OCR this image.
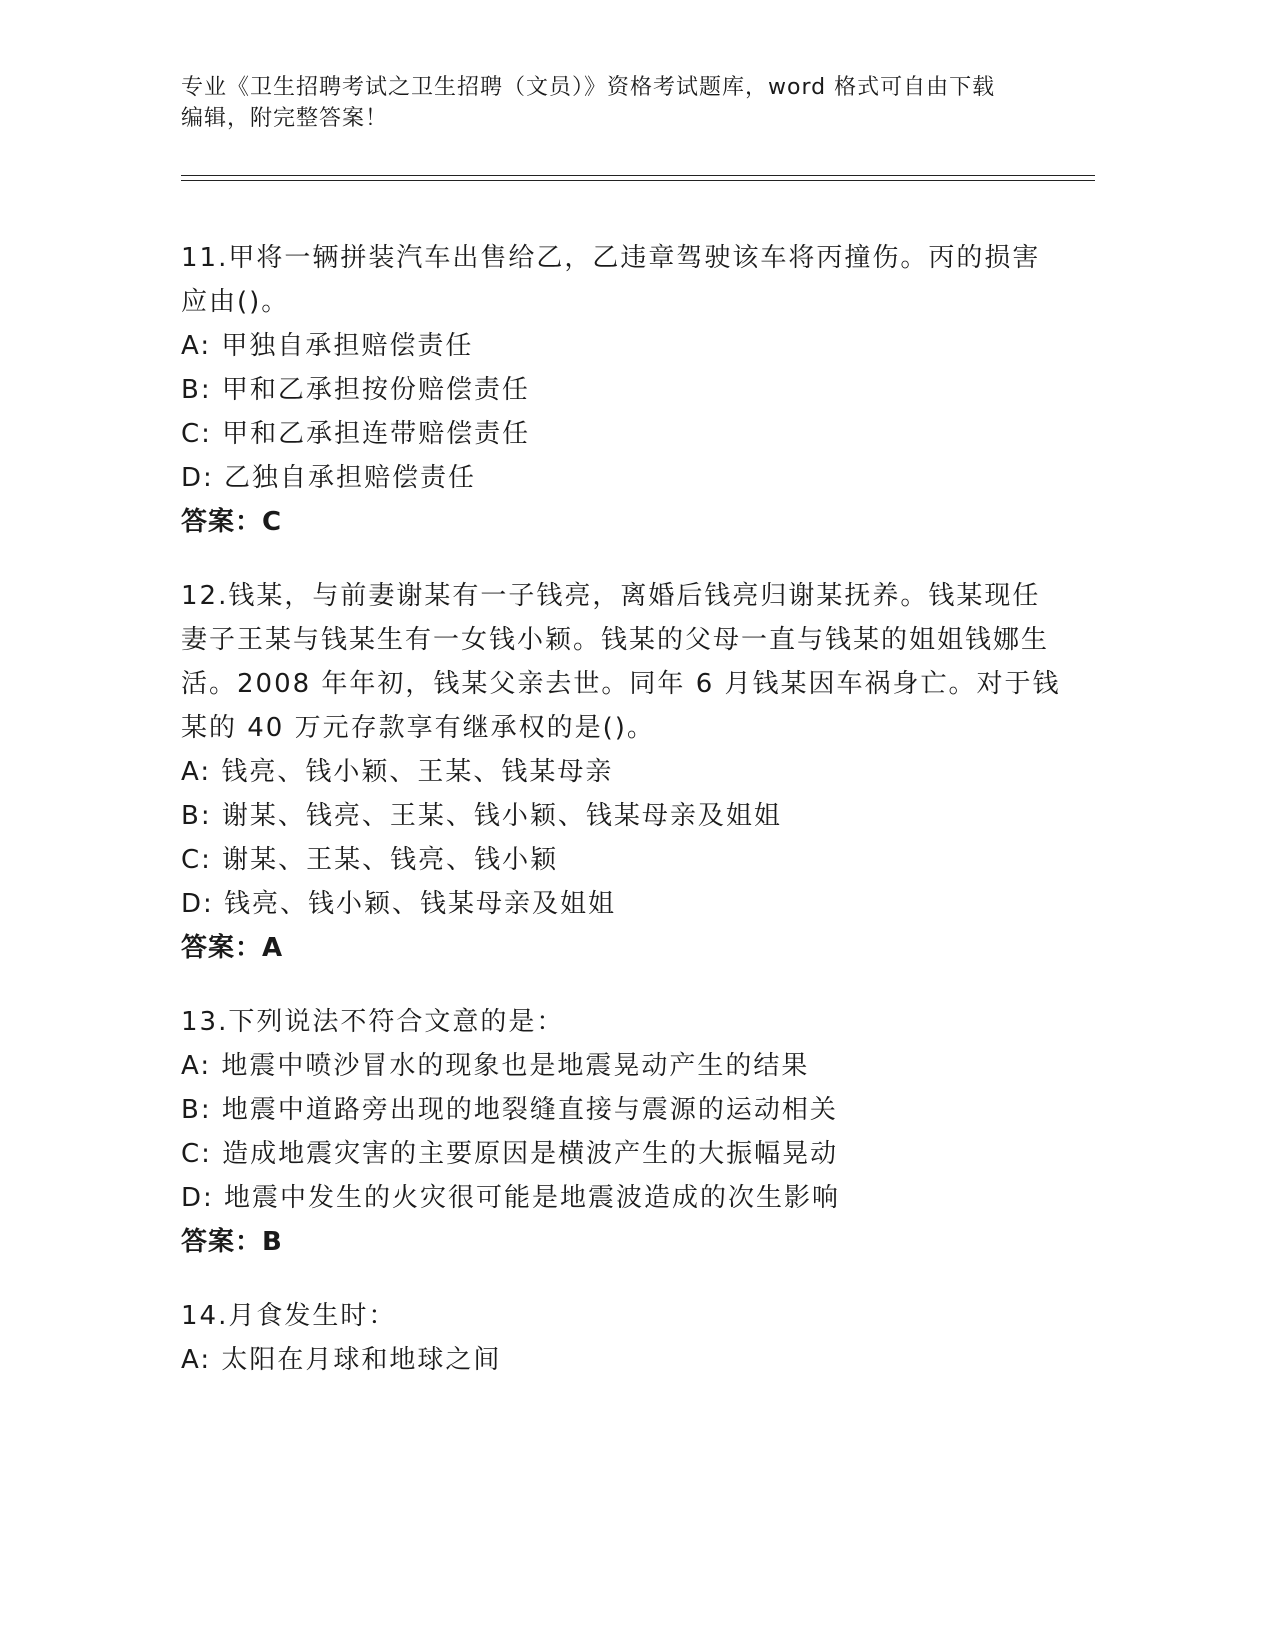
专业《卫生招聘考试之卫生招聘（文员）》资格考试题库，word 格式可自由下载
编辑，附完整答案！
11.甲将一辆拼装汽车出售给乙，乙违章驾驶该车将丙撞伤。丙的损害应由()。
A: 甲独自承担赔偿责任
B: 甲和乙承担按份赔偿责任
C: 甲和乙承担连带赔偿责任
D: 乙独自承担赔偿责任
答案：C
12.钱某，与前妻谢某有一子钱亮，离婚后钱亮归谢某抚养。钱某现任妻子王某与钱某生有一女钱小颖。钱某的父母一直与钱某的姐姐钱娜生活。2008 年年初，钱某父亲去世。同年 6 月钱某因车祸身亡。对于钱某的 40 万元存款享有继承权的是()。
A: 钱亮、钱小颖、王某、钱某母亲
B: 谢某、钱亮、王某、钱小颖、钱某母亲及姐姐
C: 谢某、王某、钱亮、钱小颖
D: 钱亮、钱小颖、钱某母亲及姐姐
答案：A
13.下列说法不符合文意的是：
A: 地震中喷沙冒水的现象也是地震晃动产生的结果
B: 地震中道路旁出现的地裂缝直接与震源的运动相关
C: 造成地震灾害的主要原因是横波产生的大振幅晃动
D: 地震中发生的火灾很可能是地震波造成的次生影响
答案：B
14.月食发生时：
A: 太阳在月球和地球之间
